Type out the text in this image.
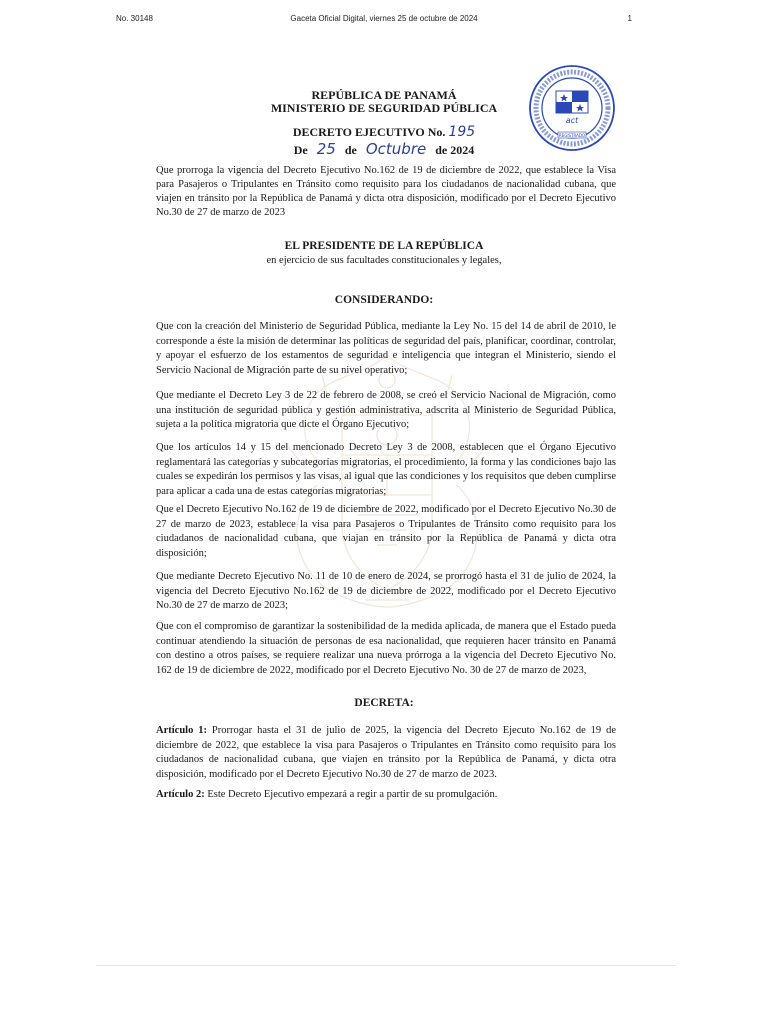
No. 30148	Gaceta Oficial Digital, viernes 25 de octubre de 2024	1
act
REGISTRADO
REPÚBLICA DE PANAMÁ
MINISTERIO DE SEGURIDAD PÚBLICA
DECRETO EJECUTIVO No. 195
De 25 de Octubre de 2024
Que prorroga la vigencia del Decreto Ejecutivo No.162 de 19 de diciembre de 2022, que establece la Visa para Pasajeros o Tripulantes en Tránsito como requisito para los ciudadanos de nacionalidad cubana, que viajen en tránsito por la República de Panamá y dicta otra disposición, modificado por el Decreto Ejecutivo No.30 de 27 de marzo de 2023
EL PRESIDENTE DE LA REPÚBLICA
en ejercicio de sus facultades constitucionales y legales,
CONSIDERANDO:
Que con la creación del Ministerio de Seguridad Pública, mediante la Ley No. 15 del 14 de abril de 2010, le corresponde a éste la misión de determinar las políticas de seguridad del país, planificar, coordinar, controlar, y apoyar el esfuerzo de los estamentos de seguridad e inteligencia que integran el Ministerio, siendo el Servicio Nacional de Migración parte de su nivel operativo;
Que mediante el Decreto Ley 3 de 22 de febrero de 2008, se creó el Servicio Nacional de Migración, como una institución de seguridad pública y gestión administrativa, adscrita al Ministerio de Seguridad Pública, sujeta a la política migratoria que dicte el Órgano Ejecutivo;
Que los artículos 14 y 15 del mencionado Decreto Ley 3 de 2008, establecen que el Órgano Ejecutivo reglamentará las categorías y subcategorías migratorias, el procedimiento, la forma y las condiciones bajo las cuales se expedirán los permisos y las visas, al igual que las condiciones y los requisitos que deben cumplirse para aplicar a cada una de estas categorías migratorias;
Que el Decreto Ejecutivo No.162 de 19 de diciembre de 2022, modificado por el Decreto Ejecutivo No.30 de 27 de marzo de 2023, establece la visa para Pasajeros o Tripulantes de Tránsito como requisito para los ciudadanos de nacionalidad cubana, que viajan en tránsito por la República de Panamá y dicta otra disposición;
Que mediante Decreto Ejecutivo No. 11 de 10 de enero de 2024, se prorrogó hasta el 31 de julio de 2024, la vigencia del Decreto Ejecutivo No.162 de 19 de diciembre de 2022, modificado por el Decreto Ejecutivo No.30 de 27 de marzo de 2023;
Que con el compromiso de garantizar la sostenibilidad de la medida aplicada, de manera que el Estado pueda continuar atendiendo la situación de personas de esa nacionalidad, que requieren hacer tránsito en Panamá con destino a otros países, se requiere realizar una nueva prórroga a la vigencia del Decreto Ejecutivo No. 162 de 19 de diciembre de 2022, modificado por el Decreto Ejecutivo No. 30 de 27 de marzo de 2023,
DECRETA:
Artículo 1: Prorrogar hasta el 31 de julio de 2025, la vigencia del Decreto Ejecuto No.162 de 19 de diciembre de 2022, que establece la visa para Pasajeros o Tripulantes en Tránsito como requisito para los ciudadanos de nacionalidad cubana, que viajen en tránsito por la República de Panamá, y dicta otra disposición, modificado por el Decreto Ejecutivo No.30 de 27 de marzo de 2023.
Artículo 2: Este Decreto Ejecutivo empezará a regir a partir de su promulgación.
